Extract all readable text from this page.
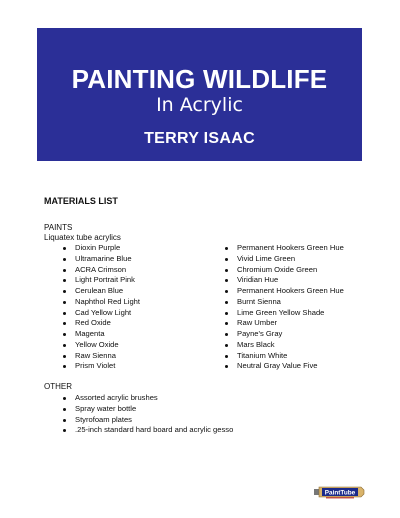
PAINTING WILDLIFE
In Acrylic
TERRY ISAAC
MATERIALS LIST
PAINTS
Liquatex tube acrylics
Dioxin Purple
Ultramarine Blue
ACRA Crimson
Light Portrait Pink
Cerulean Blue
Naphthol Red Light
Cad Yellow Light
Red Oxide
Magenta
Yellow Oxide
Raw Sienna
Prism Violet
Permanent Hookers Green Hue
Vivid Lime Green
Chromium Oxide Green
Viridian Hue
Permanent Hookers Green Hue
Burnt Sienna
Lime Green Yellow Shade
Raw Umber
Payne's Gray
Mars Black
Titanium White
Neutral Gray Value Five
OTHER
Assorted acrylic brushes
Spray water bottle
Styrofoam plates
.25-inch standard hard board and acrylic gesso
PaintTube
